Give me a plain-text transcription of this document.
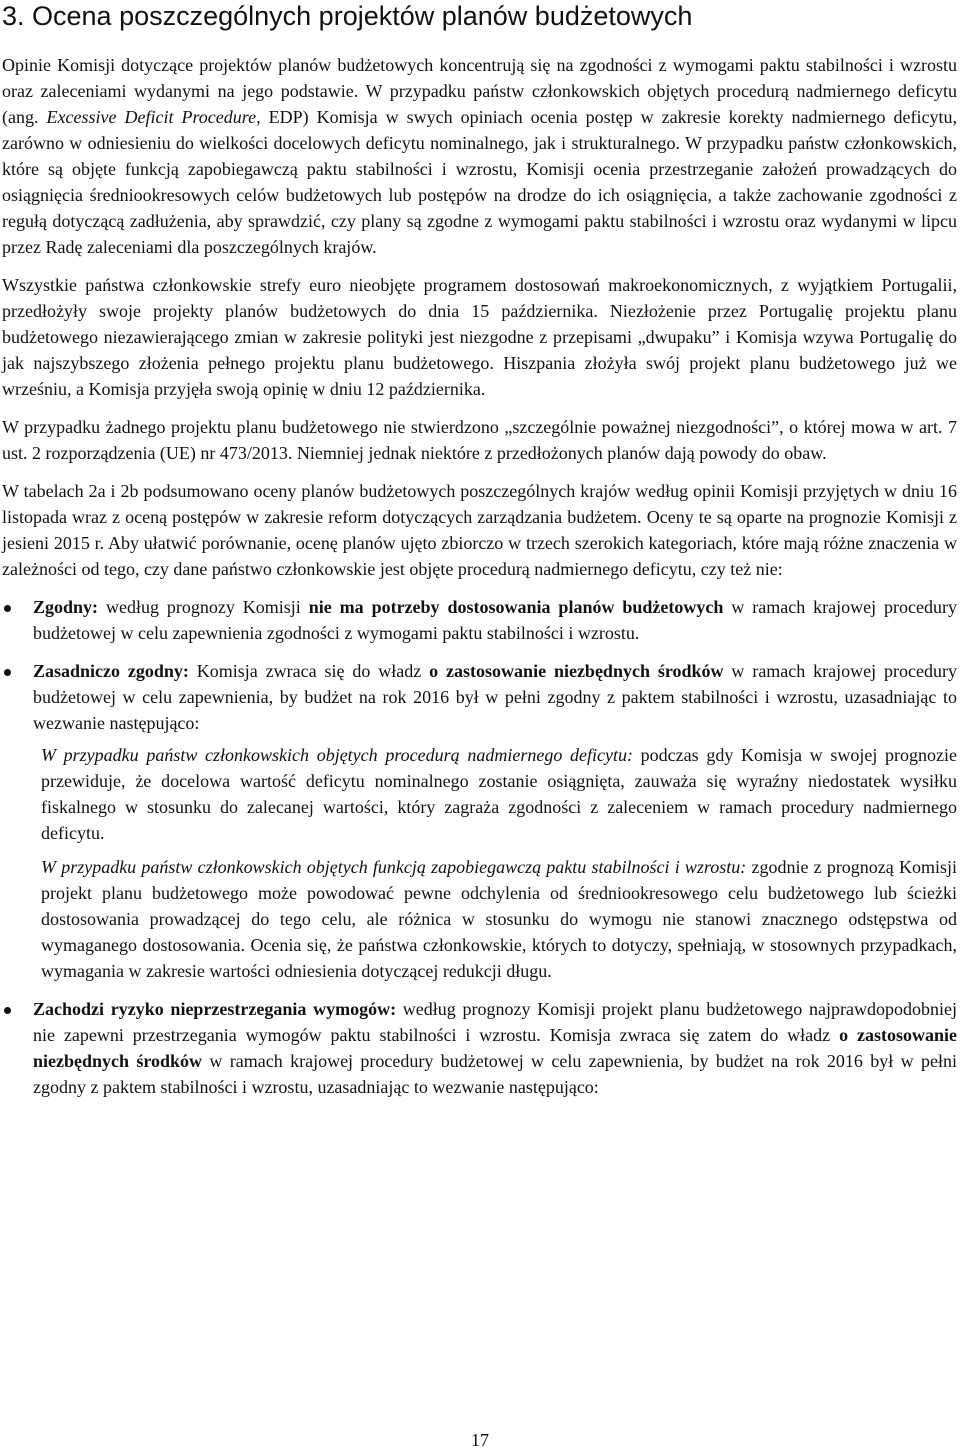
3. Ocena poszczególnych projektów planów budżetowych

Opinie Komisji dotyczące projektów planów budżetowych koncentrują się na zgodności z wymogami paktu stabilności i wzrostu oraz zaleceniami wydanymi na jego podstawie. W przypadku państw członkowskich objętych procedurą nadmiernego deficytu (ang. Excessive Deficit Procedure, EDP) Komisja w swych opiniach ocenia postęp w zakresie korekty nadmiernego deficytu, zarówno w odniesieniu do wielkości docelowych deficytu nominalnego, jak i strukturalnego. W przypadku państw członkowskich, które są objęte funkcją zapobiegawczą paktu stabilności i wzrostu, Komisji ocenia przestrzeganie założeń prowadzących do osiągnięcia średniookresowych celów budżetowych lub postępów na drodze do ich osiągnięcia, a także zachowanie zgodności z regułą dotyczącą zadłużenia, aby sprawdzić, czy plany są zgodne z wymogami paktu stabilności i wzrostu oraz wydanymi w lipcu przez Radę zaleceniami dla poszczególnych krajów.

Wszystkie państwa członkowskie strefy euro nieobjęte programem dostosowań makroekonomicznych, z wyjątkiem Portugalii, przedłożyły swoje projekty planów budżetowych do dnia 15 października. Niezłożenie przez Portugalię projektu planu budżetowego niezawierającego zmian w zakresie polityki jest niezgodne z przepisami „dwupaku” i Komisja wzywa Portugalię do jak najszybszego złożenia pełnego projektu planu budżetowego. Hiszpania złożyła swój projekt planu budżetowego już we wrześniu, a Komisja przyjęła swoją opinię w dniu 12 października.

W przypadku żadnego projektu planu budżetowego nie stwierdzono „szczególnie poważnej niezgodności”, o której mowa w art. 7 ust. 2 rozporządzenia (UE) nr 473/2013. Niemniej jednak niektóre z przedłożonych planów dają powody do obaw.

W tabelach 2a i 2b podsumowano oceny planów budżetowych poszczególnych krajów według opinii Komisji przyjętych w dniu 16 listopada wraz z oceną postępów w zakresie reform dotyczących zarządzania budżetem. Oceny te są oparte na prognozie Komisji z jesieni 2015 r. Aby ułatwić porównanie, ocenę planów ujęto zbiorczo w trzech szerokich kategoriach, które mają różne znaczenia w zależności od tego, czy dane państwo członkowskie jest objęte procedurą nadmiernego deficytu, czy też nie:

Zgodny: według prognozy Komisji nie ma potrzeby dostosowania planów budżetowych w ramach krajowej procedury budżetowej w celu zapewnienia zgodności z wymogami paktu stabilności i wzrostu.
Zasadniczo zgodny: Komisja zwraca się do władz o zastosowanie niezbędnych środków w ramach krajowej procedury budżetowej w celu zapewnienia, by budżet na rok 2016 był w pełni zgodny z paktem stabilności i wzrostu, uzasadniając to wezwanie następująco:

W przypadku państw członkowskich objętych procedurą nadmiernego deficytu: podczas gdy Komisja w swojej prognozie przewiduje, że docelowa wartość deficytu nominalnego zostanie osiągnięta, zauważa się wyraźny niedostatek wysiłku fiskalnego w stosunku do zalecanej wartości, który zagraża zgodności z zaleceniem w ramach procedury nadmiernego deficytu.

W przypadku państw członkowskich objętych funkcją zapobiegawczą paktu stabilności i wzrostu: zgodnie z prognozą Komisji projekt planu budżetowego może powodować pewne odchylenia od średniookresowego celu budżetowego lub ścieżki dostosowania prowadzącej do tego celu, ale różnica w stosunku do wymogu nie stanowi znacznego odstępstwa od wymaganego dostosowania. Ocenia się, że państwa członkowskie, których to dotyczy, spełniają, w stosownych przypadkach, wymagania w zakresie wartości odniesienia dotyczącej redukcji długu.

Zachodzi ryzyko nieprzestrzegania wymogów: według prognozy Komisji projekt planu budżetowego najprawdopodobniej nie zapewni przestrzegania wymogów paktu stabilności i wzrostu. Komisja zwraca się zatem do władz o zastosowanie niezbędnych środków w ramach krajowej procedury budżetowej w celu zapewnienia, by budżet na rok 2016 był w pełni zgodny z paktem stabilności i wzrostu, uzasadniając to wezwanie następująco:
17
